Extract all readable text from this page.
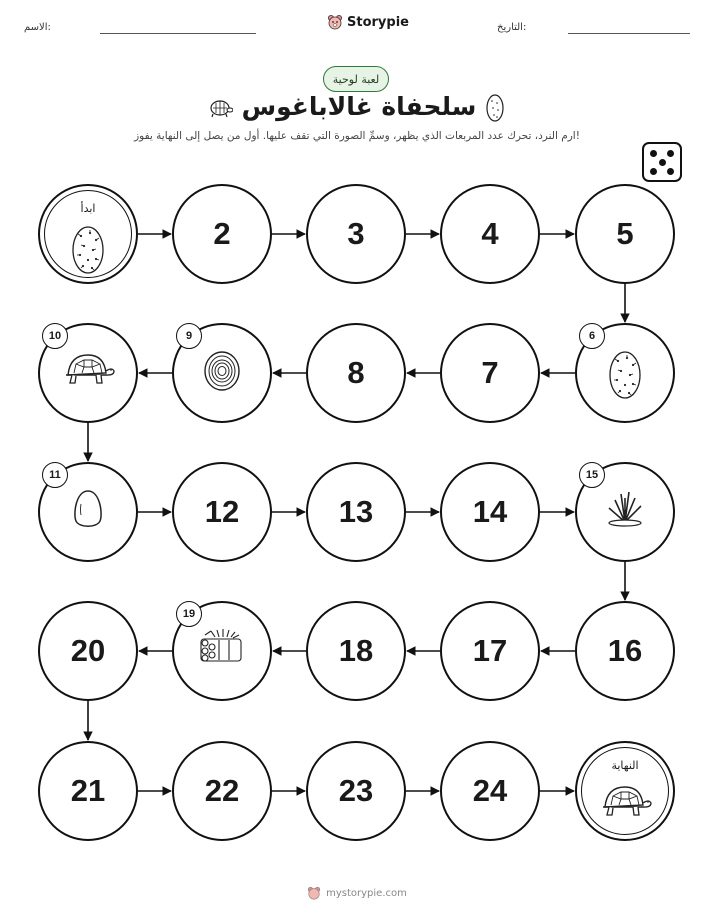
الاسم:	Storypie	التاريخ:
لعبة لوحية
سلحفاة غالاباغوس
ارم النرد، تحرك عدد المربعات الذي يظهر، وسمِّ الصورة التي تقف عليها. أول من يصل إلى النهاية يفوز!
ابدأ
2	3	4	5
6
7
8
9
10
11
12	13	14
15
16
17
18
19
20
21	22	23	24
النهاية
mystorypie.com
